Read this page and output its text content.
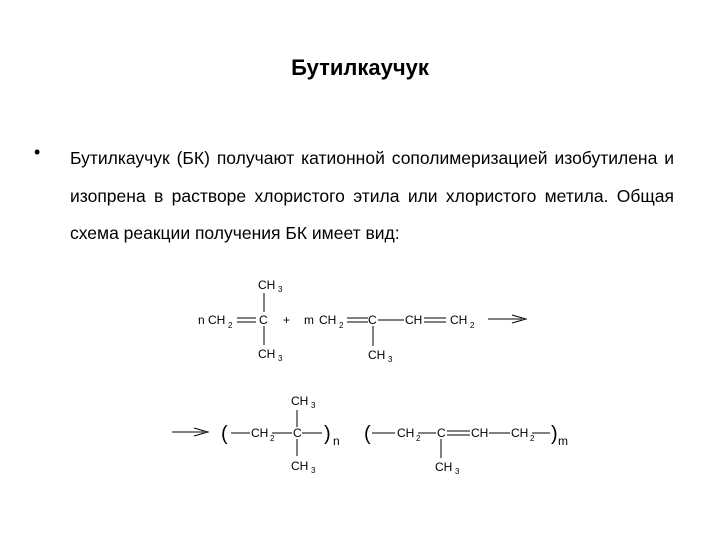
Бутилкаучук
• Бутилкаучук (БК) получают катионной сополимеризацией изобутилена и изопрена в растворе хлористого этила или хлористого метила. Общая схема реакции получения БК имеет вид:
n CH 2 C
CH 3
CH 3
+ m CH 2 C CH CH 2
CH 3
( CH 2 C
CH 3
CH 3
) n ( CH 2 C CH CH 2
CH 3
) m
